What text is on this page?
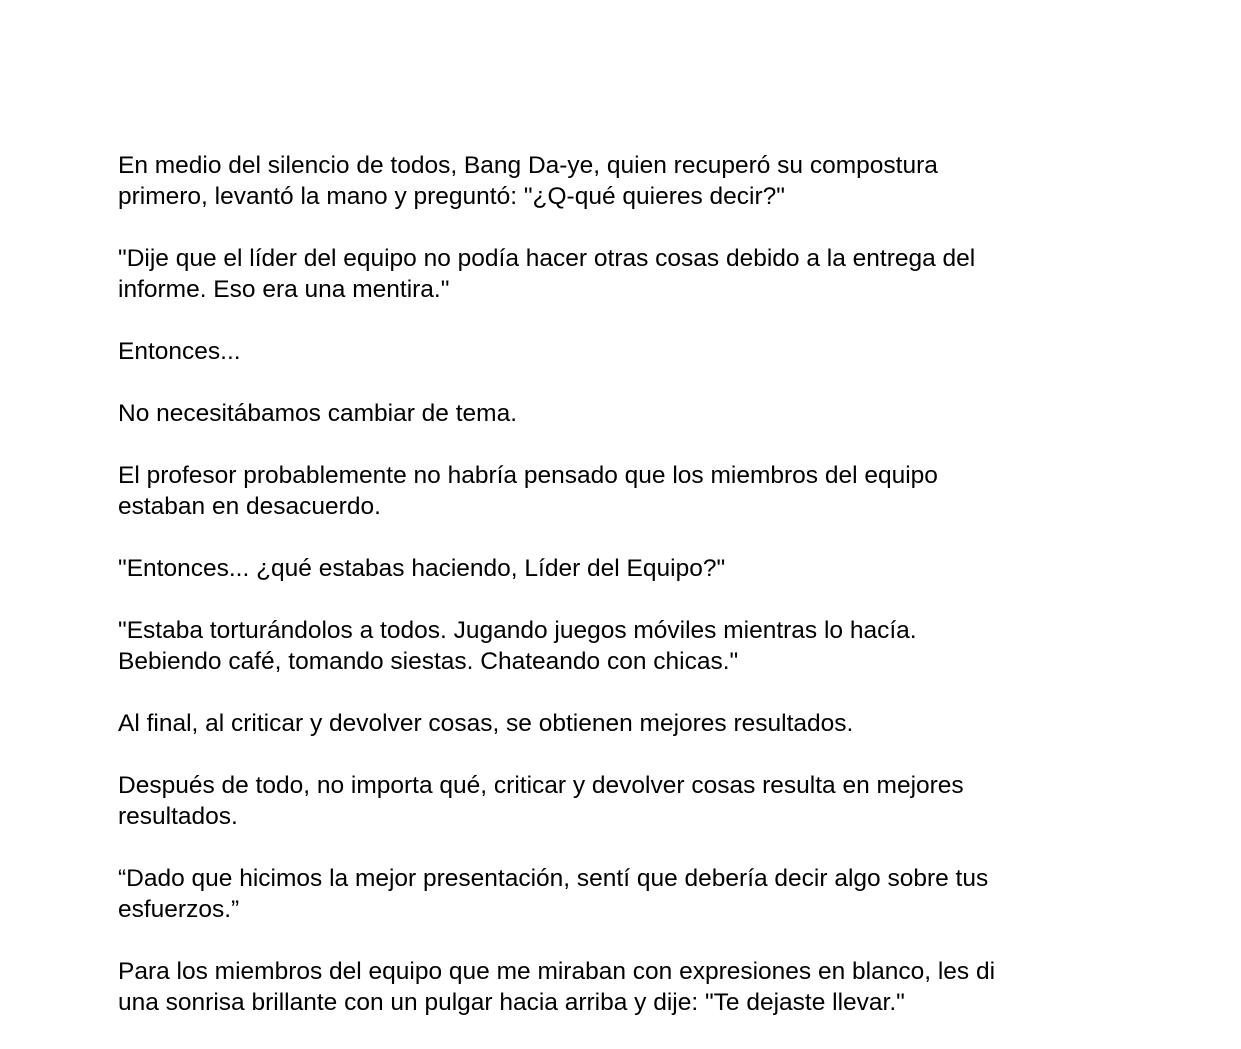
En medio del silencio de todos, Bang Da-ye, quien recuperó su compostura
primero, levantó la mano y preguntó: "¿Q-qué quieres decir?"

"Dije que el líder del equipo no podía hacer otras cosas debido a la entrega del
informe. Eso era una mentira."

Entonces...

No necesitábamos cambiar de tema.

El profesor probablemente no habría pensado que los miembros del equipo
estaban en desacuerdo.

"Entonces... ¿qué estabas haciendo, Líder del Equipo?"

"Estaba torturándolos a todos. Jugando juegos móviles mientras lo hacía.
Bebiendo café, tomando siestas. Chateando con chicas."

Al final, al criticar y devolver cosas, se obtienen mejores resultados.

Después de todo, no importa qué, criticar y devolver cosas resulta en mejores
resultados.

“Dado que hicimos la mejor presentación, sentí que debería decir algo sobre tus
esfuerzos.”

Para los miembros del equipo que me miraban con expresiones en blanco, les di
una sonrisa brillante con un pulgar hacia arriba y dije: "Te dejaste llevar."
